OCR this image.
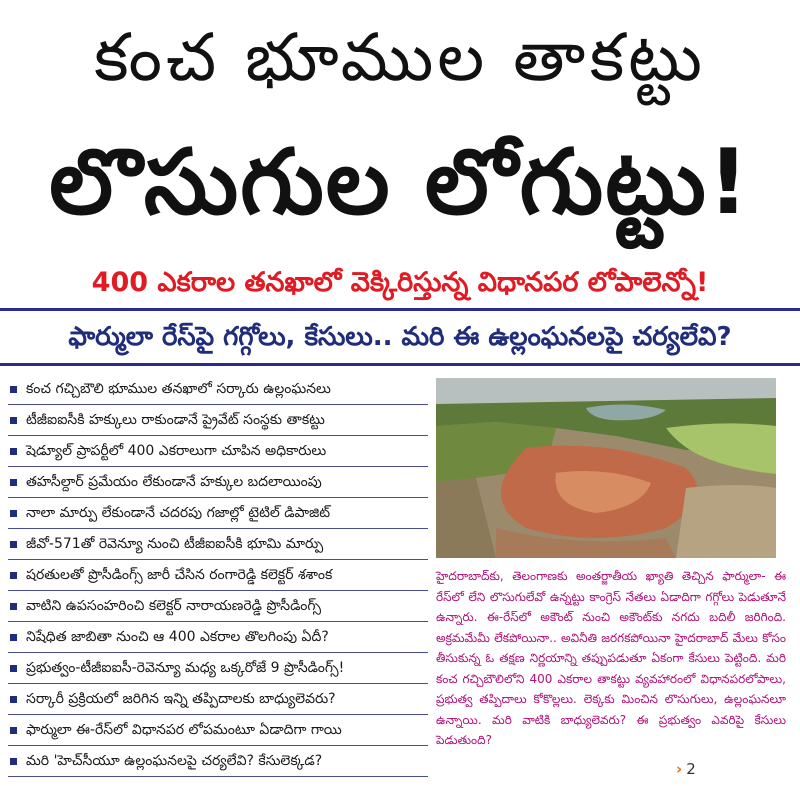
కంచ భూముల తాకట్టు
లొసుగుల లోగుట్టు!
400 ఎకరాల తనఖాలో వెక్కిరిస్తున్న విధానపర లోపాలెన్నో!
ఫార్ములా రేస్‌పై గగ్గోలు, కేసులు.. మరి ఈ ఉల్లంఘనలపై చర్యలేవి?
కంచ గచ్చిబౌలి భూముల తనఖాలో సర్కారు ఉల్లంఘనలు
టీజీఐఐసీకి హక్కులు రాకుండానే ప్రైవేట్ సంస్థకు తాకట్టు
షెడ్యూల్ ప్రాపర్టీలో 400 ఎకరాలుగా చూపిన అధికారులు
తహసీల్దార్ ప్రమేయం లేకుండానే హక్కుల బదలాయింపు
నాలా మార్పు లేకుండానే చదరపు గజాల్లో టైటిల్ డిపాజిట్
జీవో-571తో రెవెన్యూ నుంచి టీజీఐఐసీకి భూమి మార్పు
షరతులతో ప్రొసీడింగ్స్ జారీ చేసిన రంగారెడ్డి కలెక్టర్ శశాంక
వాటిని ఉపసంహరించి కలెక్టర్ నారాయణరెడ్డి ప్రొసీడింగ్స్
నిషేధిత జాబితా నుంచి ఆ 400 ఎకరాల తొలగింపు ఏదీ?
ప్రభుత్వం-టీజీఐఐసీ-రెవెన్యూ మధ్య ఒక్కరోజే 9 ప్రొసీడింగ్స్!
సర్కారీ ప్రక్రియలో జరిగిన ఇన్ని తప్పిదాలకు బాధ్యులెవరు?
ఫార్ములా ఈ-రేస్‌లో విధానపర లోపమంటూ ఏడాదిగా గాయి
మరి 'హెచ్‌సీయూ ఉల్లంఘనలపై చర్యలేవి? కేసులెక్కడ?
హైదరాబాద్‌కు, తెలంగాణకు అంతర్జాతీయ ఖ్యాతి తెచ్చిన ఫార్ములా- ఈ రేస్‌లో లేని లొసుగులేవో ఉన్నట్టు కాంగ్రెస్ నేతలు ఏడాదిగా గగ్గోలు పెడుతూనే ఉన్నారు. ఈ-రేస్‌లో అకౌంట్ నుంచి అకౌంట్‌కు నగదు బదిలీ జరిగింది. అక్రమమేమీ లేకపోయినా.. అవినీతి జరగకపోయినా హైదరాబాద్ మేలు కోసం తీసుకున్న ఓ తక్షణ నిర్ణయాన్ని తప్పుపడుతూ ఏకంగా కేసులు పెట్టింది. మరి కంచ గచ్చిబౌలిలోని 400 ఎకరాల తాకట్టు వ్యవహారంలో విధానపరలోపాలు, ప్రభుత్వ తప్పిదాలు కోకొల్లలు. లెక్కకు మించిన లొసుగులు, ఉల్లంఘనలూ ఉన్నాయి. మరి వాటికి బాధ్యులెవరు? ఈ ప్రభుత్వం ఎవరిపై కేసులు పెడుతుంది?
› 2
